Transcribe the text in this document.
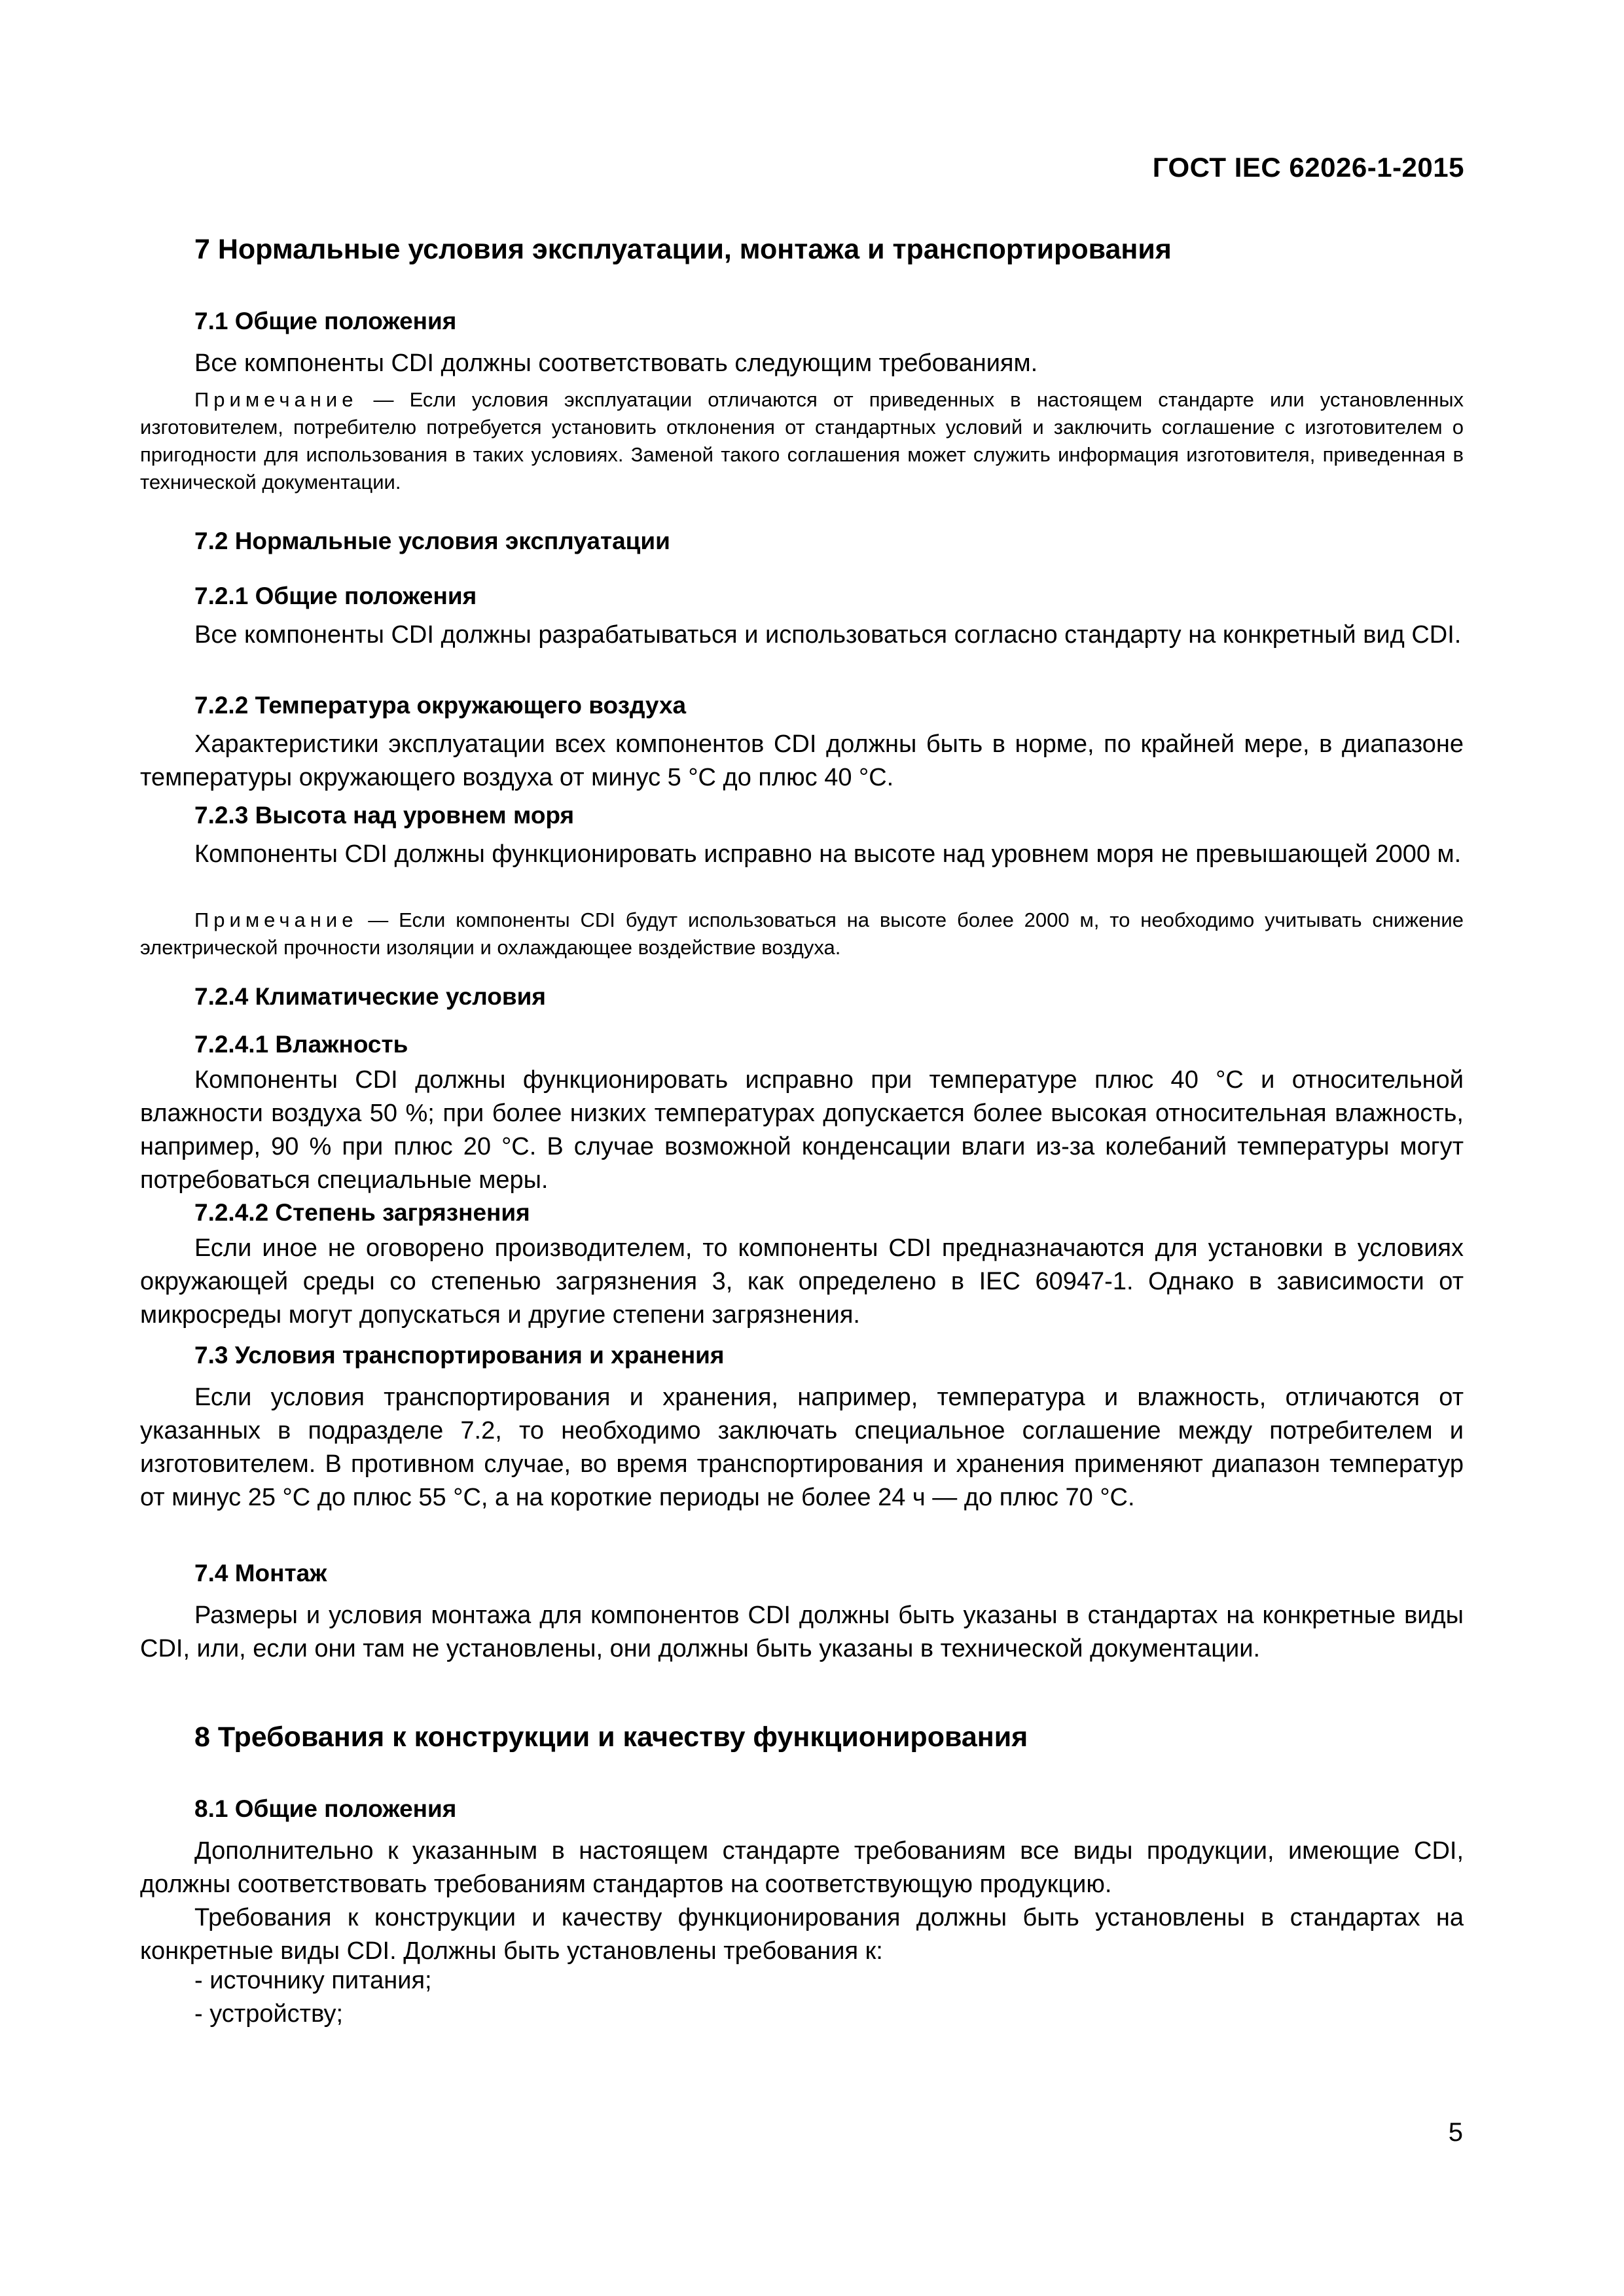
ГОСТ IEC 62026-1-2015
7 Нормальные условия эксплуатации, монтажа и транспортирования
7.1 Общие положения
Все компоненты CDI должны соответствовать следующим требованиям.
Примечание — Если условия эксплуатации отличаются от приведенных в настоящем стандарте или установленных изготовителем, потребителю потребуется установить отклонения от стандартных условий и заключить соглашение с изготовителем о пригодности для использования в таких условиях. Заменой такого соглашения может служить информация изготовителя, приведенная в технической документации.
7.2 Нормальные условия эксплуатации
7.2.1 Общие положения
Все компоненты CDI должны разрабатываться и использоваться согласно стандарту на конкретный вид CDI.
7.2.2 Температура окружающего воздуха
Характеристики эксплуатации всех компонентов CDI должны быть в норме, по крайней мере, в диапазоне температуры окружающего воздуха от минус 5 °С до плюс 40 °С.
7.2.3 Высота над уровнем моря
Компоненты CDI должны функционировать исправно на высоте над уровнем моря не превышающей 2000 м.
Примечание — Если компоненты CDI будут использоваться на высоте более 2000 м, то необходимо учитывать снижение электрической прочности изоляции и охлаждающее воздействие воздуха.
7.2.4 Климатические условия
7.2.4.1 Влажность
Компоненты CDI должны функционировать исправно при температуре плюс 40 °С и относительной влажности воздуха 50 %; при более низких температурах допускается более высокая относительная влажность, например, 90 % при плюс 20 °С. В случае возможной конденсации влаги из-за колебаний температуры могут потребоваться специальные меры.
7.2.4.2 Степень загрязнения
Если иное не оговорено производителем, то компоненты CDI предназначаются для установки в условиях окружающей среды со степенью загрязнения 3, как определено в IEC 60947-1. Однако в зависимости от микросреды могут допускаться и другие степени загрязнения.
7.3 Условия транспортирования и хранения
Если условия транспортирования и хранения, например, температура и влажность, отличаются от указанных в подразделе 7.2, то необходимо заключать специальное соглашение между потребителем и изготовителем. В противном случае, во время транспортирования и хранения применяют диапазон температур от минус 25 °С до плюс 55 °С, а на короткие периоды не более 24 ч — до плюс 70 °С.
7.4 Монтаж
Размеры и условия монтажа для компонентов CDI должны быть указаны в стандартах на конкретные виды CDI, или, если они там не установлены, они должны быть указаны в технической документации.
8 Требования к конструкции и качеству функционирования
8.1 Общие положения
Дополнительно к указанным в настоящем стандарте требованиям все виды продукции, имеющие CDI, должны соответствовать требованиям стандартов на соответствующую продукцию.
Требования к конструкции и качеству функционирования должны быть установлены в стандартах на конкретные виды CDI. Должны быть установлены требования к:
- источнику питания;
- устройству;
5
